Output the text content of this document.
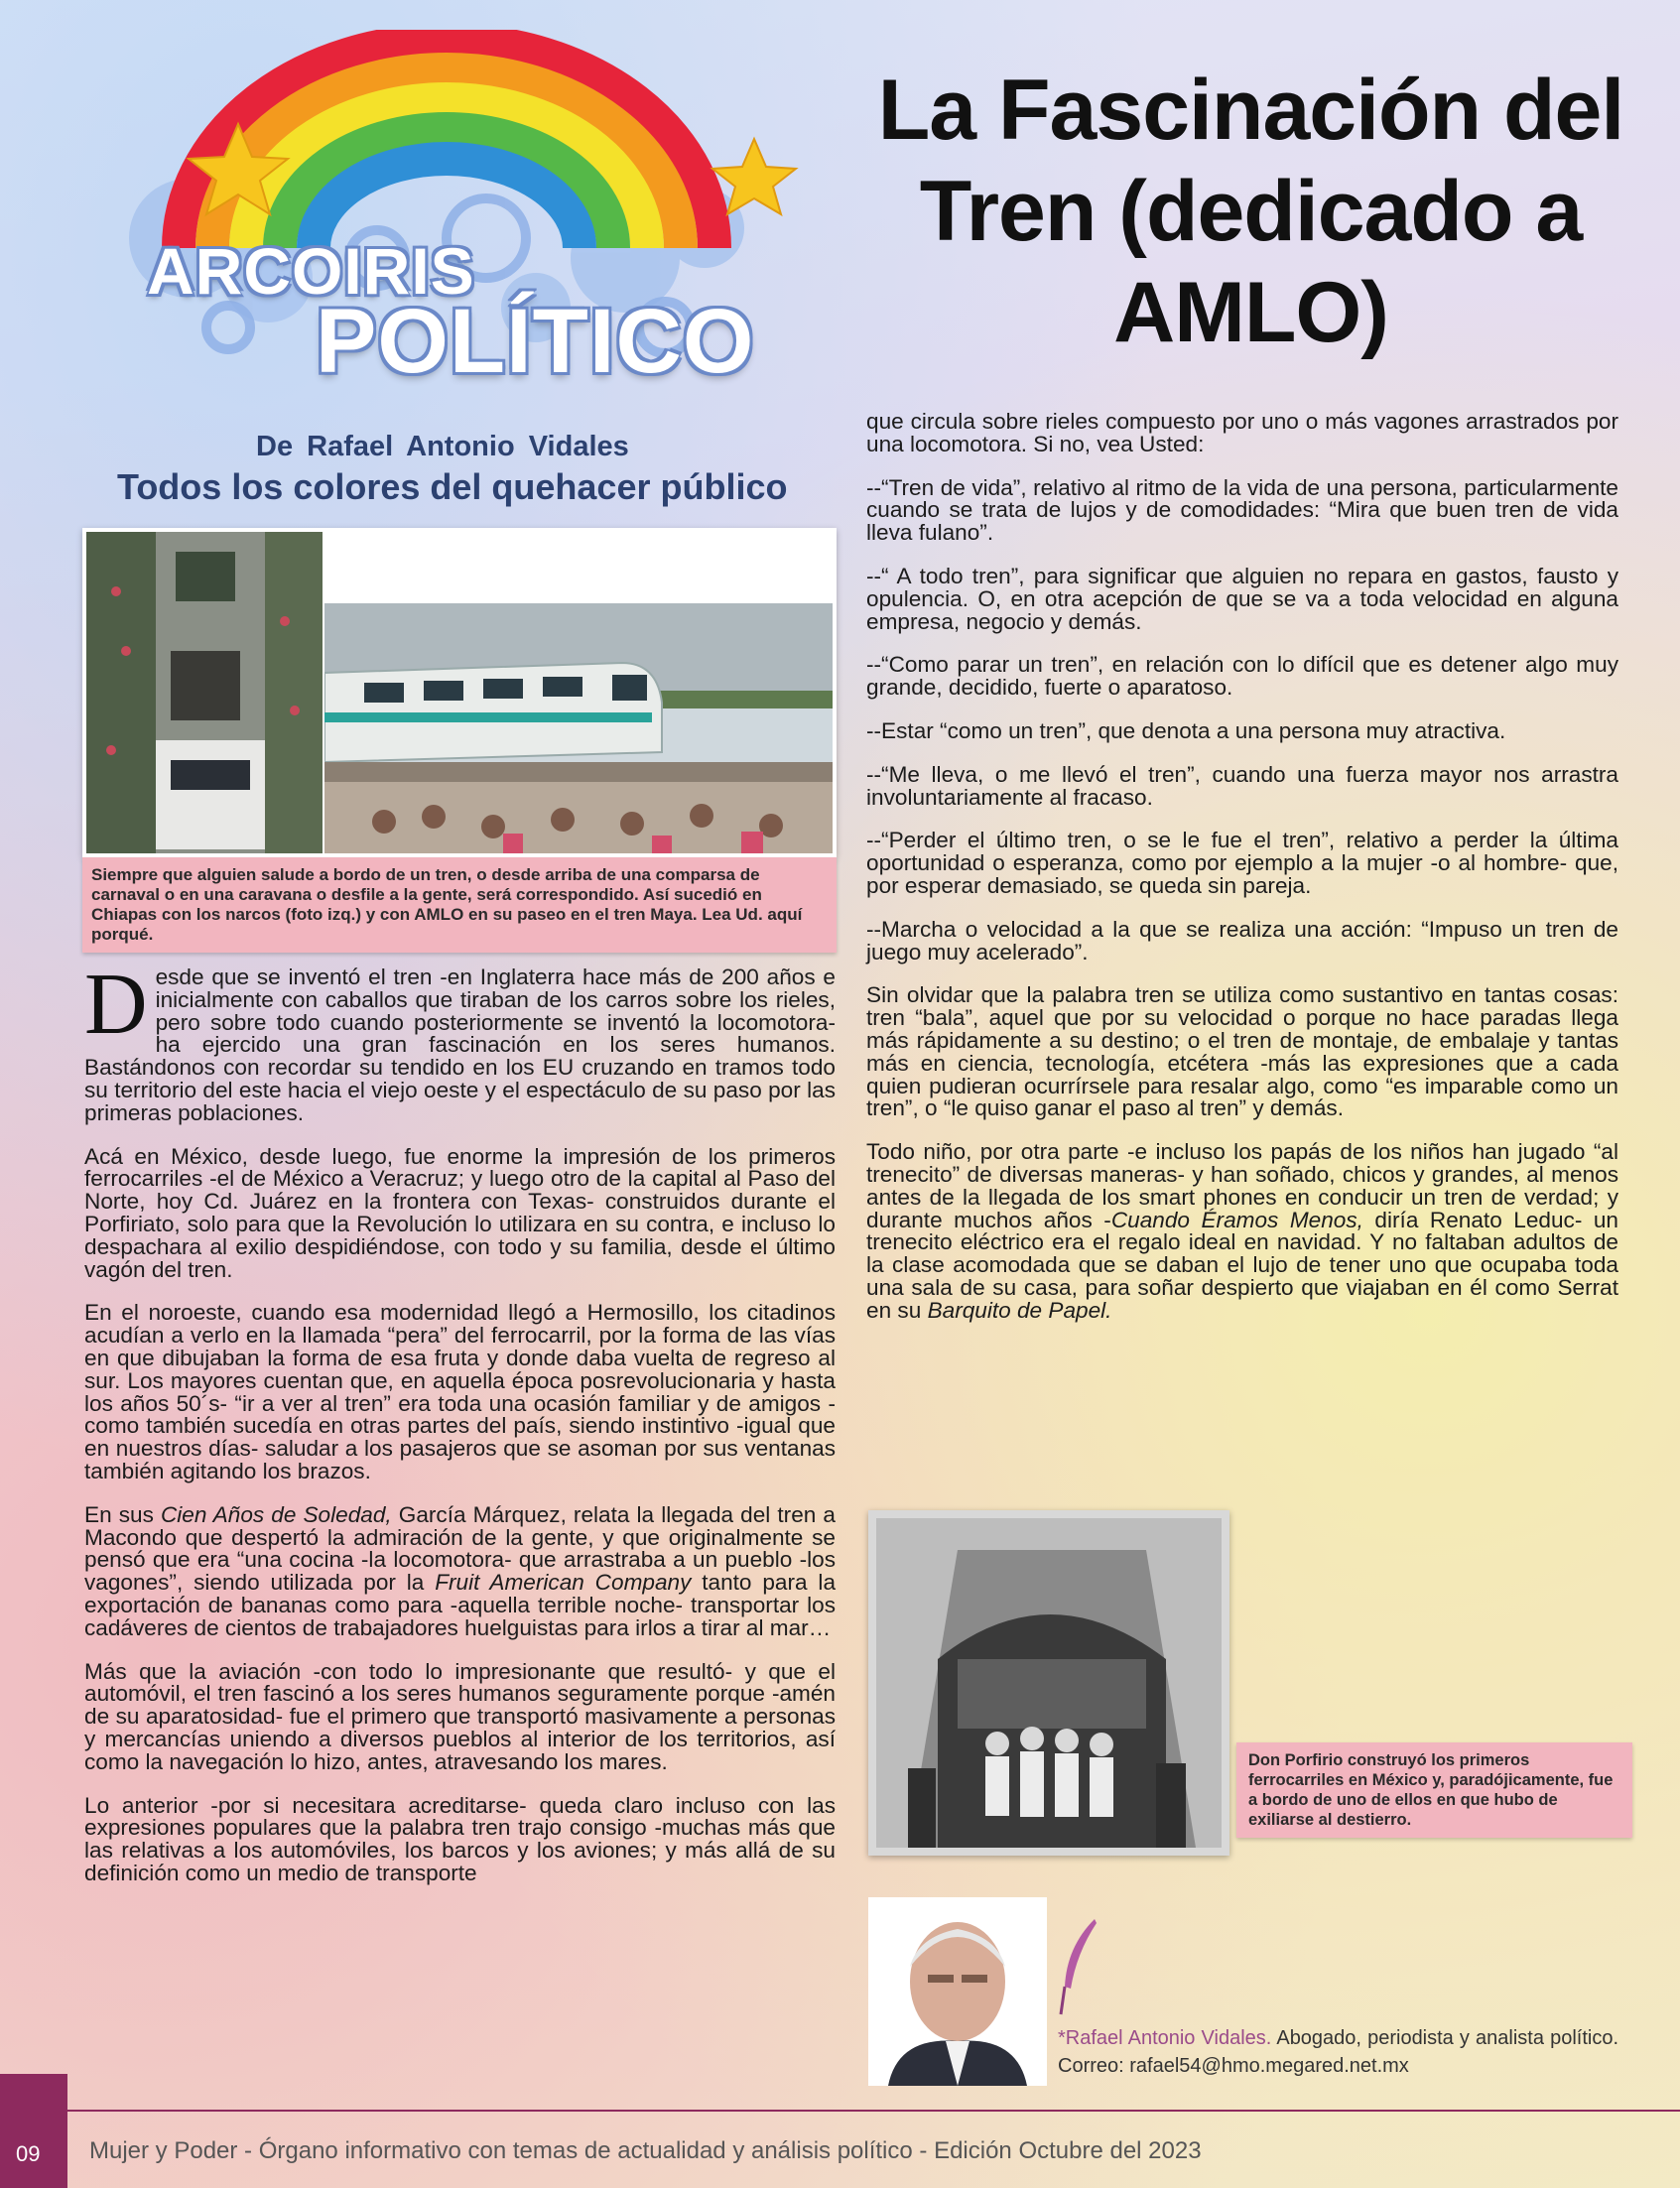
ARCOIRIS
POLÍTICO
De Rafael Antonio Vidales
Todos los colores del quehacer público
La Fascinación del Tren (dedicado a AMLO)
Siempre que alguien salude a bordo de un tren, o desde arriba de una comparsa de carnaval o en una caravana o desfile a la gente, será correspondido. Así sucedió en Chiapas con los narcos (foto izq.) y con AMLO en su paseo en el tren Maya. Lea Ud. aquí porqué.

Desde que se inventó el tren -en Inglaterra hace más de 200 años e inicialmente con caballos que tiraban de los carros sobre los rieles, pero sobre todo cuando posteriormente se inventó la locomotora- ha ejercido una gran fascinación en los seres humanos. Bastándonos con recordar su tendido en los EU cruzando en tramos todo su territorio del este hacia el viejo oeste y el espectáculo de su paso por las primeras poblaciones.

Acá en México, desde luego, fue enorme la impresión de los primeros ferrocarriles -el de México a Veracruz; y luego otro de la capital al Paso del Norte, hoy Cd. Juárez en la frontera con Texas- construidos durante el Porfiriato, solo para que la Revolución lo utilizara en su contra, e incluso lo despachara al exilio despidiéndose, con todo y su familia, desde el último vagón del tren.

En el noroeste, cuando esa modernidad llegó a Hermosillo, los citadinos acudían a verlo en la llamada “pera” del ferrocarril, por la forma de las vías en que dibujaban la forma de esa fruta y donde daba vuelta de regreso al sur. Los mayores cuentan que, en aquella época posrevolucionaria y hasta los años 50´s- “ir a ver al tren” era toda una ocasión familiar y de amigos -como también sucedía en otras partes del país, siendo instintivo -igual que en nuestros días- saludar a los pasajeros que se asoman por sus ventanas también agitando los brazos.

En sus Cien Años de Soledad, García Márquez, relata la llegada del tren a Macondo que despertó la admiración de la gente, y que originalmente se pensó que era “una cocina -la locomotora- que arrastraba a un pueblo -los vagones”, siendo utilizada por la Fruit American Company tanto para la exportación de bananas como para -aquella terrible noche- transportar los cadáveres de cientos de trabajadores huelguistas para irlos a tirar al mar…

Más que la aviación -con todo lo impresionante que resultó- y que el automóvil, el tren fascinó a los seres humanos seguramente porque -amén de su aparatosidad- fue el primero que transportó masivamente a personas y mercancías uniendo a diversos pueblos al interior de los territorios, así como la navegación lo hizo, antes, atravesando los mares.

Lo anterior -por si necesitara acreditarse- queda claro incluso con las expresiones populares que la palabra tren trajo consigo -muchas más que las relativas a los automóviles, los barcos y los aviones; y más allá de su definición como un medio de transporte

que circula sobre rieles compuesto por uno o más vagones arrastrados por una locomotora. Si no, vea Usted:

--“Tren de vida”, relativo al ritmo de la vida de una persona, particularmente cuando se trata de lujos y de comodidades: “Mira que buen tren de vida lleva fulano”.

--“ A todo tren”, para significar que alguien no repara en gastos, fausto y opulencia. O, en otra acepción de que se va a toda velocidad en alguna empresa, negocio y demás.

--“Como parar un tren”, en relación con lo difícil que es detener algo muy grande, decidido, fuerte o aparatoso.

--Estar “como un tren”, que denota a una persona muy atractiva.

--“Me lleva, o me llevó el tren”, cuando una fuerza mayor nos arrastra involuntariamente al fracaso.

--“Perder el último tren, o se le fue el tren”, relativo a perder la última oportunidad o esperanza, como por ejemplo a la mujer -o al hombre- que, por esperar demasiado, se queda sin pareja.

--Marcha o velocidad a la que se realiza una acción: “Impuso un tren de juego muy acelerado”.

Sin olvidar que la palabra tren se utiliza como sustantivo en tantas cosas: tren “bala”, aquel que por su velocidad o porque no hace paradas llega más rápidamente a su destino; o el tren de montaje, de embalaje y tantas más en ciencia, tecnología, etcétera -más las expresiones que a cada quien pudieran ocurrírsele para resalar algo, como “es imparable como un tren”, o “le quiso ganar el paso al tren” y demás.

Todo niño, por otra parte -e incluso los papás de los niños han jugado “al trenecito” de diversas maneras- y han soñado, chicos y grandes, al menos antes de la llegada de los smart phones en conducir un tren de verdad; y durante muchos años -Cuando Éramos Menos, diría Renato Leduc- un trenecito eléctrico era el regalo ideal en navidad. Y no faltaban adultos de la clase acomodada que se daban el lujo de tener uno que ocupaba toda una sala de su casa, para soñar despierto que viajaban en él como Serrat en su Barquito de Papel.

Don Porfirio construyó los primeros ferrocarriles en México y, paradójicamente, fue a bordo de uno de ellos en que hubo de exiliarse al destierro.
*Rafael Antonio Vidales. Abogado, periodista y analista político. Correo: rafael54@hmo.megared.net.mx
09 Mujer y Poder - Órgano informativo con temas de actualidad y análisis político - Edición Octubre del 2023
